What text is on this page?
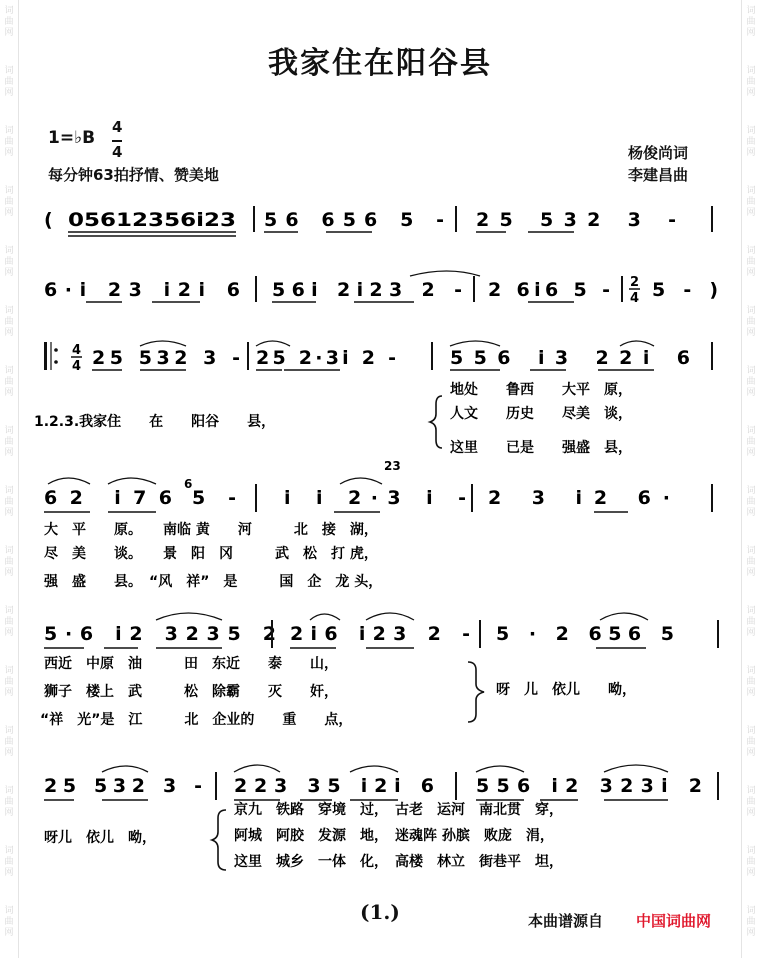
词曲网
词曲网
词曲网
词曲网
词曲网
词曲网
词曲网
词曲网
词曲网
词曲网
词曲网
词曲网
词曲网
词曲网
词曲网
词曲网
词曲网
词曲网
词曲网
词曲网
词曲网
词曲网
词曲网
词曲网
词曲网
词曲网
词曲网
词曲网
词曲网
词曲网
词曲网
词曲网
我家住在阳谷县
1=♭B
4
4
每分钟63拍抒情、赞美地
杨俊尚词
李建昌曲
( 05612356i23 56 656 5 - 25 532 3 -
6·i 23 i2i 6 56i 2i23 2 - 2 6i6 5 - 2
4 5 - )
4
4 25 532 3 - 25 2·3i 2 -	556 i3 22i 6
1.2.3.我家住　　在　　阳谷　　县，
地处　　鲁西　　大平　原，
人文　　历史　　尽美　谈，
这里　　已是　　强盛　县，
62 i76
6
5 -	i i 2·3 i -
23
2 3 i2 6·
大　平　　原。　　南临 黄　　河　　　北　接　湖，
尽　美　　谈。　　景　阳　冈　　　武　松　打 虎，
强　盛　　县。　“风　祥”　是　　　国　企　龙 头，
5·6 i2 3235 2 2i6 i23 2 - 5 · 2 656 5
西近　中原　油　　　田　东近　　泰　　山，
狮子　楼上　武　　　松　除霸　　灭　　奸，
“祥　光”是　江　　　北　企业的　　重　　点，
呀　儿　依儿　　呦，
25 532 3 - 223 35 i2i 6 556 i2 323i 2
呀儿　依儿　呦，
京九　铁路　穿境　过，　古老　运河　南北贯　穿，
阿城　阿胶　发源　地，　迷魂阵 孙膑　败庞　涓，
这里　城乡　一体　化，　高楼　林立　街巷平　坦，
(1.)	本曲谱源自 中国词曲网
